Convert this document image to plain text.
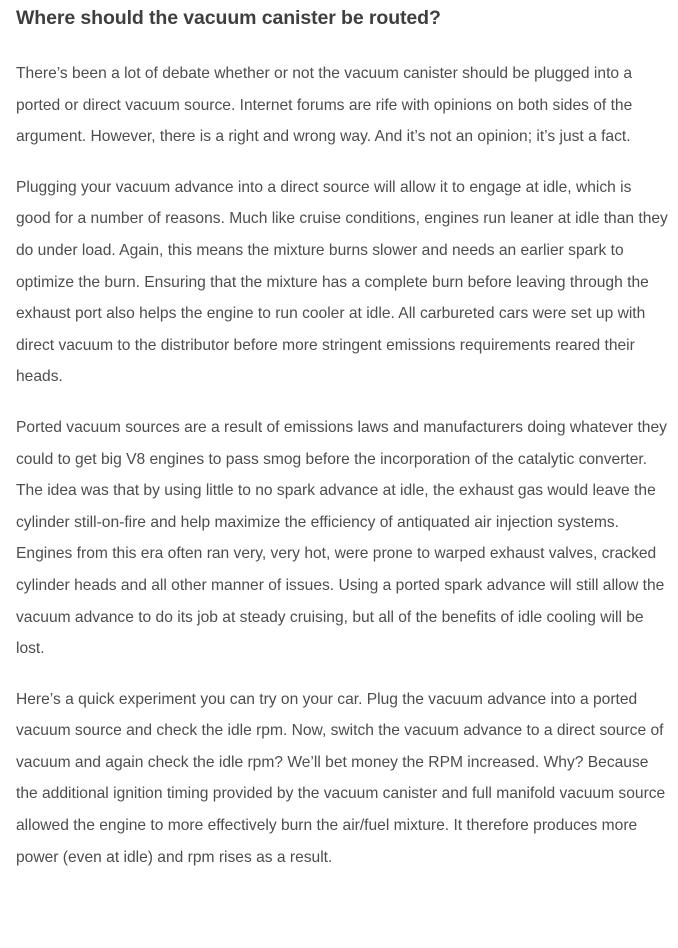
Where should the vacuum canister be routed?

There’s been a lot of debate whether or not the vacuum canister should be plugged into a ported or direct vacuum source. Internet forums are rife with opinions on both sides of the argument. However, there is a right and wrong way. And it’s not an opinion; it’s just a fact.

Plugging your vacuum advance into a direct source will allow it to engage at idle, which is good for a number of reasons. Much like cruise conditions, engines run leaner at idle than they do under load. Again, this means the mixture burns slower and needs an earlier spark to optimize the burn. Ensuring that the mixture has a complete burn before leaving through the exhaust port also helps the engine to run cooler at idle. All carbureted cars were set up with direct vacuum to the distributor before more stringent emissions requirements reared their heads.

Ported vacuum sources are a result of emissions laws and manufacturers doing whatever they could to get big V8 engines to pass smog before the incorporation of the catalytic converter. The idea was that by using little to no spark advance at idle, the exhaust gas would leave the cylinder still-on-fire and help maximize the efficiency of antiquated air injection systems. Engines from this era often ran very, very hot, were prone to warped exhaust valves, cracked cylinder heads and all other manner of issues. Using a ported spark advance will still allow the vacuum advance to do its job at steady cruising, but all of the benefits of idle cooling will be lost.

Here’s a quick experiment you can try on your car. Plug the vacuum advance into a ported vacuum source and check the idle rpm. Now, switch the vacuum advance to a direct source of vacuum and again check the idle rpm? We’ll bet money the RPM increased. Why? Because the additional ignition timing provided by the vacuum canister and full manifold vacuum source allowed the engine to more effectively burn the air/fuel mixture. It therefore produces more power (even at idle) and rpm rises as a result.
